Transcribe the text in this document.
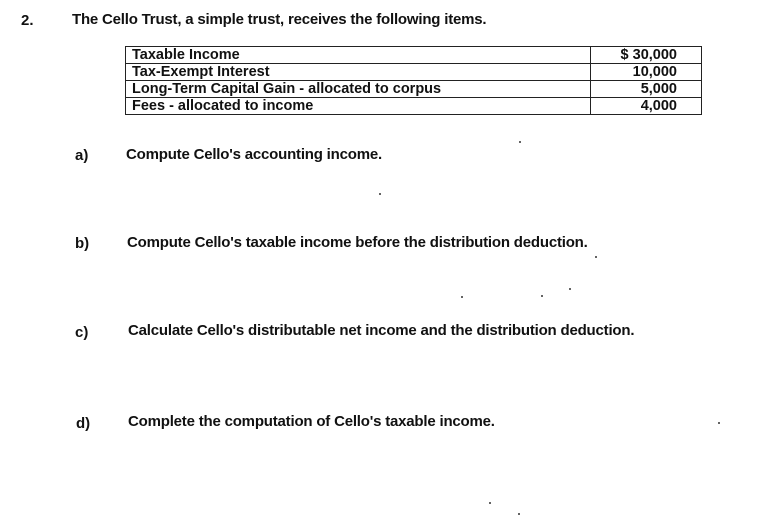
2.	The Cello Trust, a simple trust, receives the following items.
Taxable Income	$ 30,000
Tax-Exempt Interest	10,000
Long-Term Capital Gain - allocated to corpus	5,000
Fees - allocated to income	4,000
a)	Compute Cello's accounting income.
b)	Compute Cello's taxable income before the distribution deduction.
c)	Calculate Cello's distributable net income and the distribution deduction.
d)	Complete the computation of Cello's taxable income.
